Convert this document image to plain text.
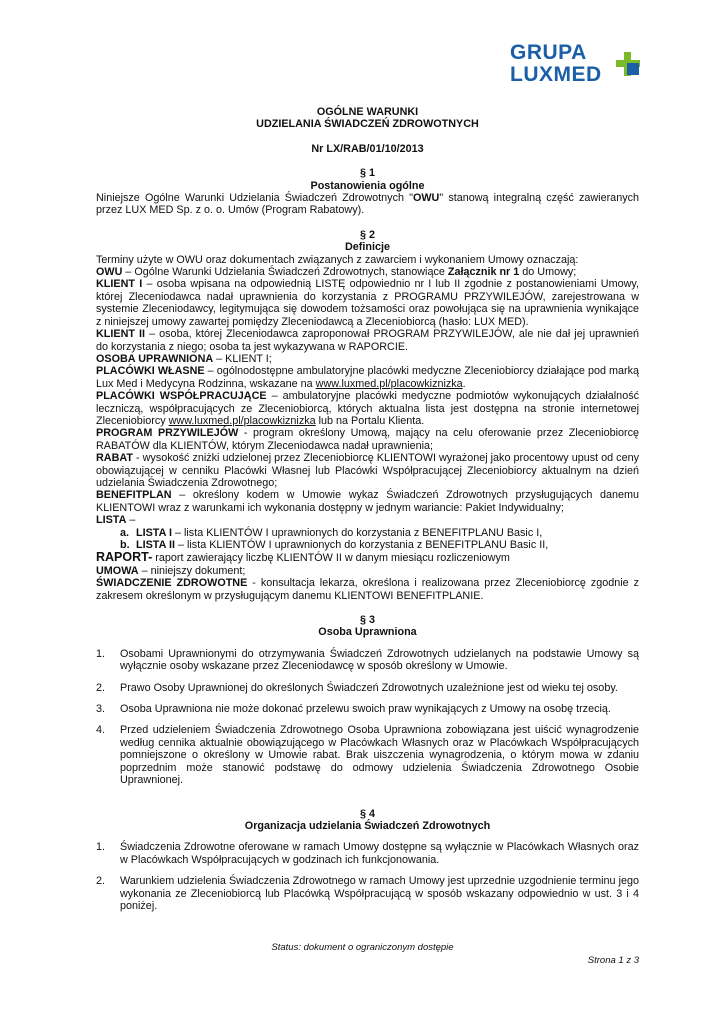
GRUPA
LUXMED

OGÓLNE WARUNKI

UDZIELANIA ŚWIADCZEŃ ZDROWOTNYCH

Nr LX/RAB/01/10/2013

§ 1

Postanowienia ogólne

Niniejsze Ogólne Warunki Udzielania Świadczeń Zdrowotnych "OWU" stanową integralną część zawieranych przez LUX MED Sp. z o. o. Umów (Program Rabatowy).

§ 2

Definicje

Terminy użyte w OWU oraz dokumentach związanych z zawarciem i wykonaniem Umowy oznaczają:

OWU – Ogólne Warunki Udzielania Świadczeń Zdrowotnych, stanowiące Załącznik nr 1 do Umowy;

KLIENT I – osoba wpisana na odpowiednią LISTĘ odpowiednio nr I lub II zgodnie z postanowieniami Umowy, której Zleceniodawca nadał uprawnienia do korzystania z PROGRAMU PRZYWILEJÓW, zarejestrowana w systemie Zleceniodawcy, legitymująca się dowodem tożsamości oraz powołująca się na uprawnienia wynikające z niniejszej umowy zawartej pomiędzy Zleceniodawcą a Zleceniobiorcą (hasło: LUX MED).

KLIENT II – osoba, której Zleceniodawca zaproponował PROGRAM PRZYWILEJÓW, ale nie dał jej uprawnień do korzystania z niego; osoba ta jest wykazywana w RAPORCIE.

OSOBA UPRAWNIONA – KLIENT I;

PLACÓWKI WŁASNE – ogólnodostępne ambulatoryjne placówki medyczne Zleceniobiorcy działające pod marką Lux Med i Medycyna Rodzinna, wskazane na www.luxmed.pl/placowkiznizka.

PLACÓWKI WSPÓŁPRACUJĄCE – ambulatoryjne placówki medyczne podmiotów wykonujących działalność leczniczą, współpracujących ze Zleceniobiorcą, których aktualna lista jest dostępna na stronie internetowej Zleceniobiorcy www.luxmed.pl/placowkiznizka lub na Portalu Klienta.

PROGRAM PRZYWILEJÓW - program określony Umową, mający na celu oferowanie przez Zleceniobiorcę RABATÓW dla KLIENTÓW, którym Zleceniodawca nadał uprawnienia;

RABAT - wysokość zniżki udzielonej przez Zleceniobiorcę KLIENTOWI wyrażonej jako procentowy upust od ceny obowiązującej w cenniku Placówki Własnej lub Placówki Współpracującej Zleceniobiorcy aktualnym na dzień udzielania Świadczenia Zdrowotnego;

BENEFITPLAN – określony kodem w Umowie wykaz Świadczeń Zdrowotnych przysługujących danemu KLIENTOWI wraz z warunkami ich wykonania dostępny w jednym wariancie: Pakiet Indywidualny;

LISTA –

a. LISTA I – lista KLIENTÓW I uprawnionych do korzystania z BENEFITPLANU Basic I,

b. LISTA II – lista KLIENTÓW I uprawnionych do korzystania z BENEFITPLANU Basic II,

RAPORT- raport zawierający liczbę KLIENTÓW II w danym miesiącu rozliczeniowym

UMOWA – niniejszy dokument;

ŚWIADCZENIE ZDROWOTNE - konsultacja lekarza, określona i realizowana przez Zleceniobiorcę zgodnie z zakresem określonym w przysługującym danemu KLIENTOWI BENEFITPLANIE.

§ 3

Osoba Uprawniona

1. Osobami Uprawnionymi do otrzymywania Świadczeń Zdrowotnych udzielanych na podstawie Umowy są wyłącznie osoby wskazane przez Zleceniodawcę w sposób określony w Umowie.
2. Prawo Osoby Uprawnionej do określonych Świadczeń Zdrowotnych uzależnione jest od wieku tej osoby.
3. Osoba Uprawniona nie może dokonać przelewu swoich praw wynikających z Umowy na osobę trzecią.
4. Przed udzieleniem Świadczenia Zdrowotnego Osoba Uprawniona zobowiązana jest uiścić wynagrodzenie według cennika aktualnie obowiązującego w Placówkach Własnych oraz w Placówkach Współpracujących pomniejszone o określony w Umowie rabat. Brak uiszczenia wynagrodzenia, o którym mowa w zdaniu poprzednim może stanowić podstawę do odmowy udzielenia Świadczenia Zdrowotnego Osobie Uprawnionej.

§ 4

Organizacja udzielania Świadczeń Zdrowotnych

1. Świadczenia Zdrowotne oferowane w ramach Umowy dostępne są wyłącznie w Placówkach Własnych oraz w Placówkach Współpracujących w godzinach ich funkcjonowania.
2. Warunkiem udzielenia Świadczenia Zdrowotnego w ramach Umowy jest uprzednie uzgodnienie terminu jego wykonania ze Zleceniobiorcą lub Placówką Współpracującą w sposób wskazany odpowiednio w ust. 3 i 4 poniżej.
Status: dokument o ograniczonym dostępie
Strona 1 z 3
